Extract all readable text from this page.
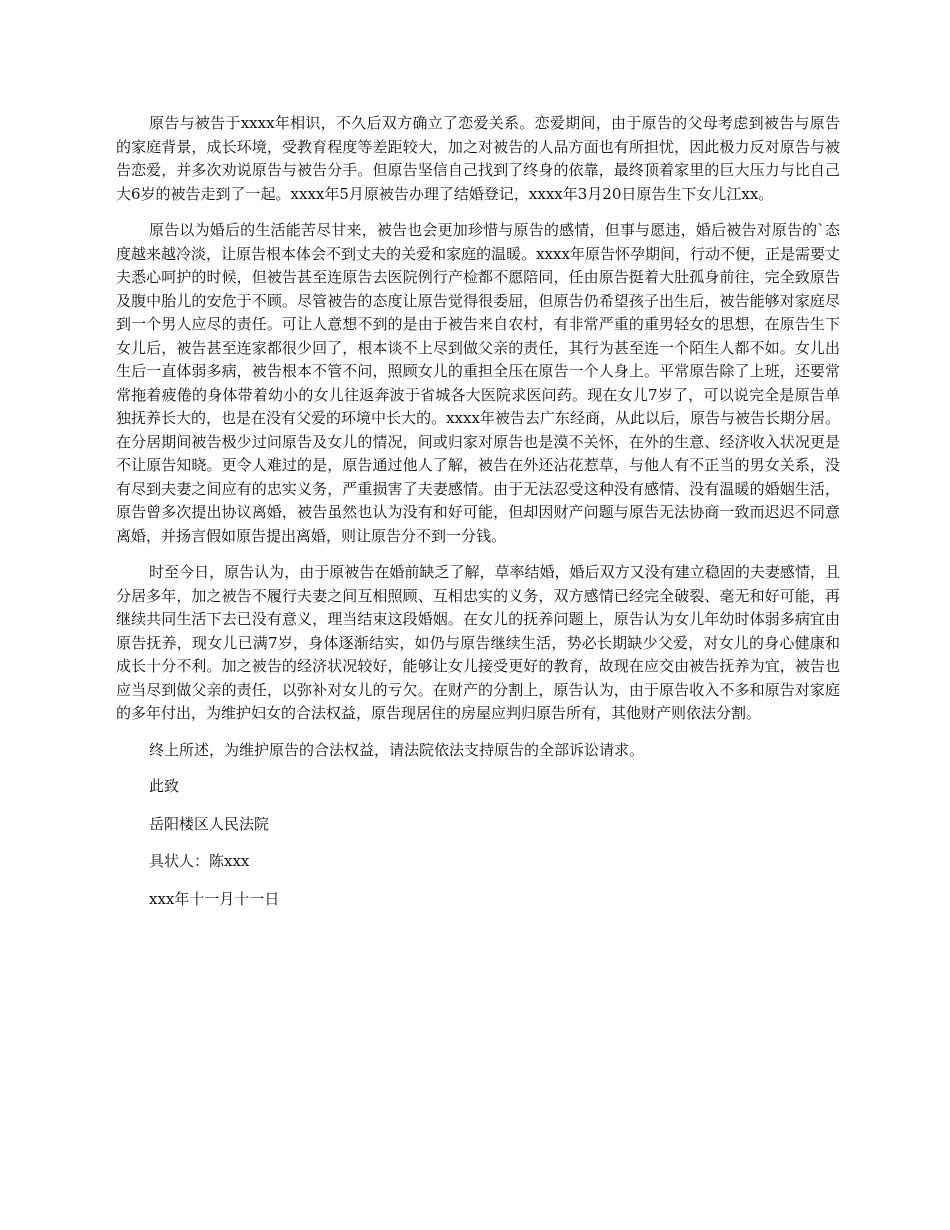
原告与被告于xxxx年相识，不久后双方确立了恋爱关系。恋爱期间，由于原告的父母考虑到被告与原告的家庭背景，成长环境，受教育程度等差距较大，加之对被告的人品方面也有所担忧，因此极力反对原告与被告恋爱，并多次劝说原告与被告分手。但原告坚信自己找到了终身的依靠，最终顶着家里的巨大压力与比自己大6岁的被告走到了一起。xxxx年5月原被告办理了结婚登记，xxxx年3月20日原告生下女儿江xx。

原告以为婚后的生活能苦尽甘来，被告也会更加珍惜与原告的感情，但事与愿违，婚后被告对原告的`态度越来越冷淡，让原告根本体会不到丈夫的关爱和家庭的温暖。xxxx年原告怀孕期间，行动不便，正是需要丈夫悉心呵护的时候，但被告甚至连原告去医院例行产检都不愿陪同，任由原告挺着大肚孤身前往，完全致原告及腹中胎儿的安危于不顾。尽管被告的态度让原告觉得很委屈，但原告仍希望孩子出生后，被告能够对家庭尽到一个男人应尽的责任。可让人意想不到的是由于被告来自农村，有非常严重的重男轻女的思想，在原告生下女儿后，被告甚至连家都很少回了，根本谈不上尽到做父亲的责任，其行为甚至连一个陌生人都不如。女儿出生后一直体弱多病，被告根本不管不问，照顾女儿的重担全压在原告一个人身上。平常原告除了上班，还要常常拖着疲倦的身体带着幼小的女儿往返奔波于省城各大医院求医问药。现在女儿7岁了，可以说完全是原告单独抚养长大的，也是在没有父爱的环境中长大的。xxxx年被告去广东经商，从此以后，原告与被告长期分居。在分居期间被告极少过问原告及女儿的情况，间或归家对原告也是漠不关怀，在外的生意、经济收入状况更是不让原告知晓。更令人难过的是，原告通过他人了解，被告在外还沾花惹草，与他人有不正当的男女关系，没有尽到夫妻之间应有的忠实义务，严重损害了夫妻感情。由于无法忍受这种没有感情、没有温暖的婚姻生活，原告曾多次提出协议离婚，被告虽然也认为没有和好可能，但却因财产问题与原告无法协商一致而迟迟不同意离婚，并扬言假如原告提出离婚，则让原告分不到一分钱。

时至今日，原告认为，由于原被告在婚前缺乏了解，草率结婚，婚后双方又没有建立稳固的夫妻感情，且分居多年，加之被告不履行夫妻之间互相照顾、互相忠实的义务，双方感情已经完全破裂、毫无和好可能，再继续共同生活下去已没有意义，理当结束这段婚姻。在女儿的抚养问题上，原告认为女儿年幼时体弱多病宜由原告抚养，现女儿已满7岁，身体逐渐结实，如仍与原告继续生活，势必长期缺少父爱，对女儿的身心健康和成长十分不利。加之被告的经济状况较好，能够让女儿接受更好的教育，故现在应交由被告抚养为宜，被告也应当尽到做父亲的责任，以弥补对女儿的亏欠。在财产的分割上，原告认为，由于原告收入不多和原告对家庭的多年付出，为维护妇女的合法权益，原告现居住的房屋应判归原告所有，其他财产则依法分割。

终上所述，为维护原告的合法权益，请法院依法支持原告的全部诉讼请求。

此致

岳阳楼区人民法院

具状人：陈xxx

xxx年十一月十一日
